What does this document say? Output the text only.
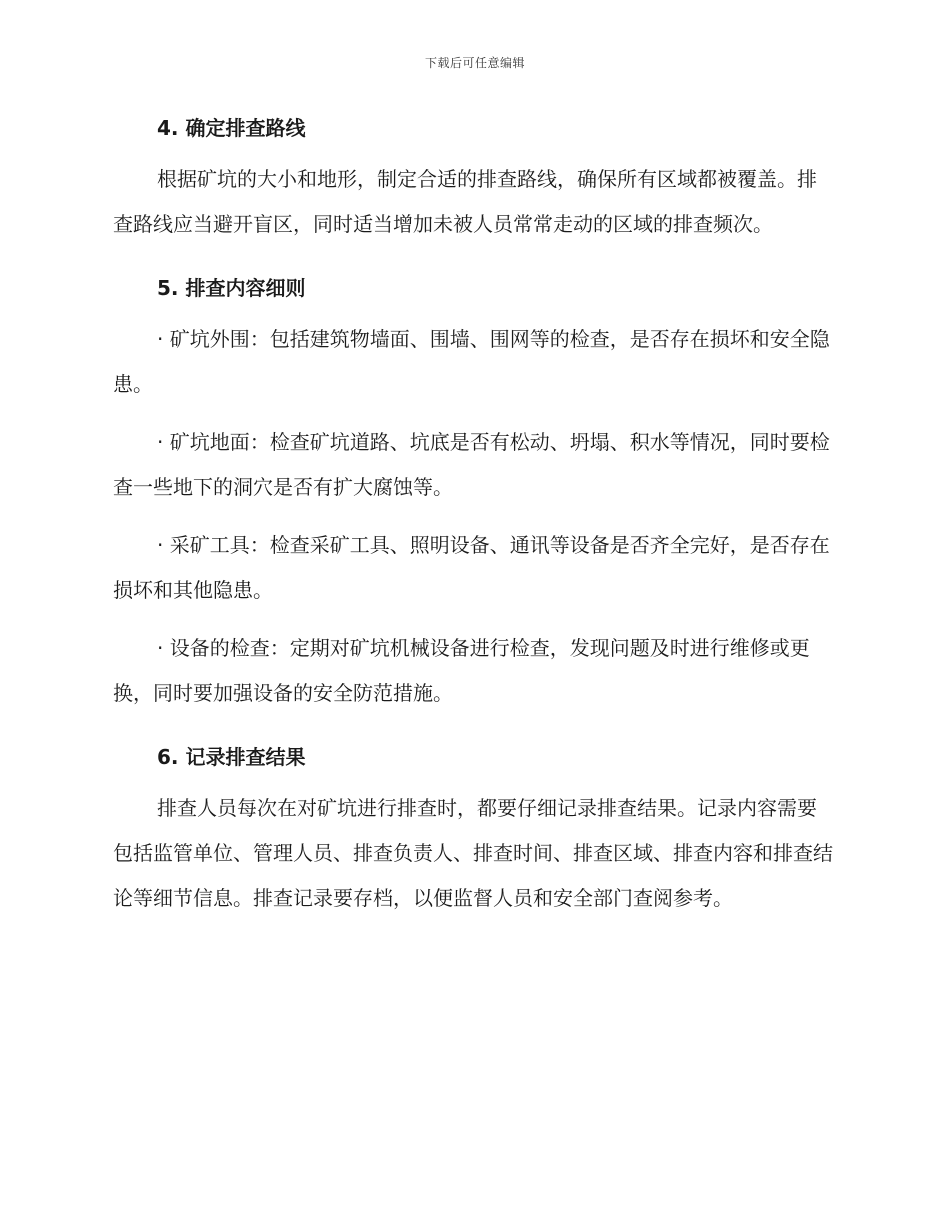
下载后可任意编辑
4. 确定排查路线

根据矿坑的大小和地形，制定合适的排查路线，确保所有区域都被覆盖。排查路线应当避开盲区，同时适当增加未被人员常常走动的区域的排查频次。

5. 排查内容细则

· 矿坑外围：包括建筑物墙面、围墙、围网等的检查，是否存在损坏和安全隐患。

· 矿坑地面：检查矿坑道路、坑底是否有松动、坍塌、积水等情况，同时要检查一些地下的洞穴是否有扩大腐蚀等。

· 采矿工具：检查采矿工具、照明设备、通讯等设备是否齐全完好，是否存在损坏和其他隐患。

· 设备的检查：定期对矿坑机械设备进行检查，发现问题及时进行维修或更换，同时要加强设备的安全防范措施。

6. 记录排查结果

排查人员每次在对矿坑进行排查时，都要仔细记录排查结果。记录内容需要包括监管单位、管理人员、排查负责人、排查时间、排查区域、排查内容和排查结论等细节信息。排查记录要存档，以便监督人员和安全部门查阅参考。
